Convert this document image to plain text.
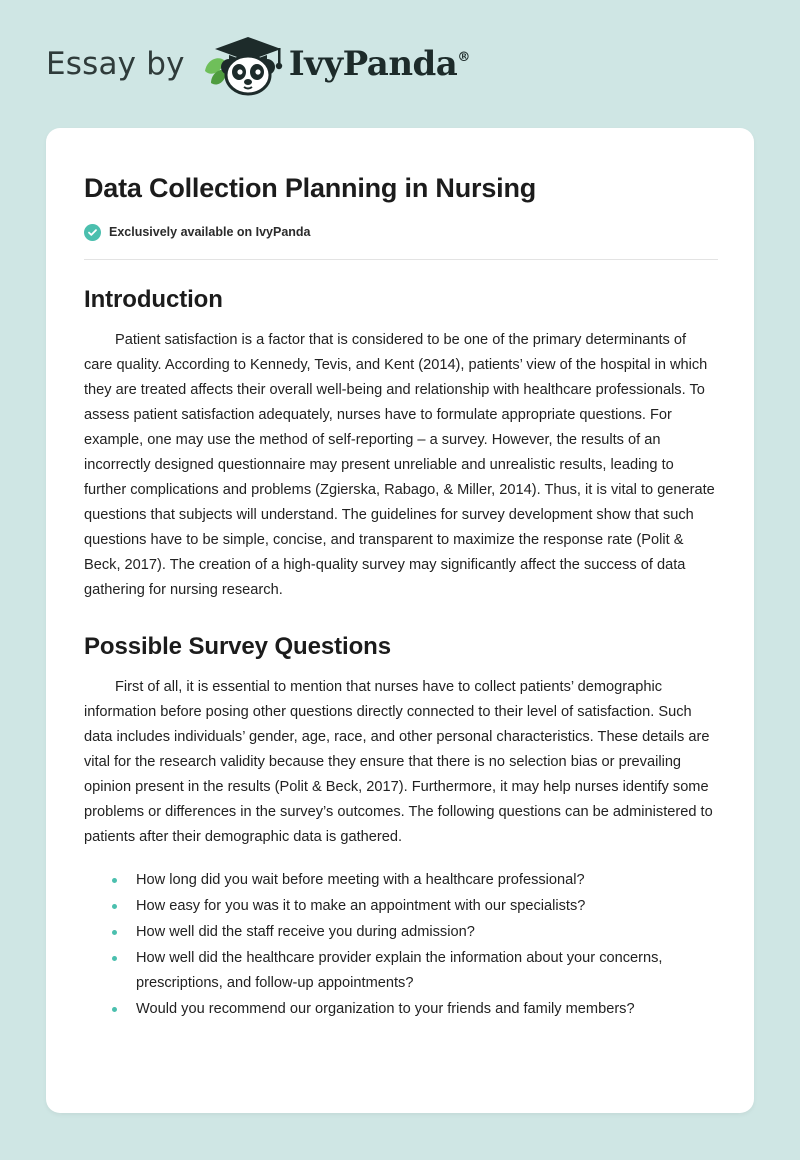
Essay by	IvyPanda®
Data Collection Planning in Nursing
Exclusively available on IvyPanda
Introduction

Patient satisfaction is a factor that is considered to be one of the primary determinants of care quality. According to Kennedy, Tevis, and Kent (2014), patients’ view of the hospital in which they are treated affects their overall well-being and relationship with healthcare professionals. To assess patient satisfaction adequately, nurses have to formulate appropriate questions. For example, one may use the method of self-reporting – a survey. However, the results of an incorrectly designed questionnaire may present unreliable and unrealistic results, leading to further complications and problems (Zgierska, Rabago, & Miller, 2014). Thus, it is vital to generate questions that subjects will understand. The guidelines for survey development show that such questions have to be simple, concise, and transparent to maximize the response rate (Polit & Beck, 2017). The creation of a high-quality survey may significantly affect the success of data gathering for nursing research.

Possible Survey Questions

First of all, it is essential to mention that nurses have to collect patients’ demographic information before posing other questions directly connected to their level of satisfaction. Such data includes individuals’ gender, age, race, and other personal characteristics. These details are vital for the research validity because they ensure that there is no selection bias or prevailing opinion present in the results (Polit & Beck, 2017). Furthermore, it may help nurses identify some problems or differences in the survey’s outcomes. The following questions can be administered to patients after their demographic data is gathered.

How long did you wait before meeting with a healthcare professional?
How easy for you was it to make an appointment with our specialists?
How well did the staff receive you during admission?
How well did the healthcare provider explain the information about your concerns, prescriptions, and follow-up appointments?
Would you recommend our organization to your friends and family members?
